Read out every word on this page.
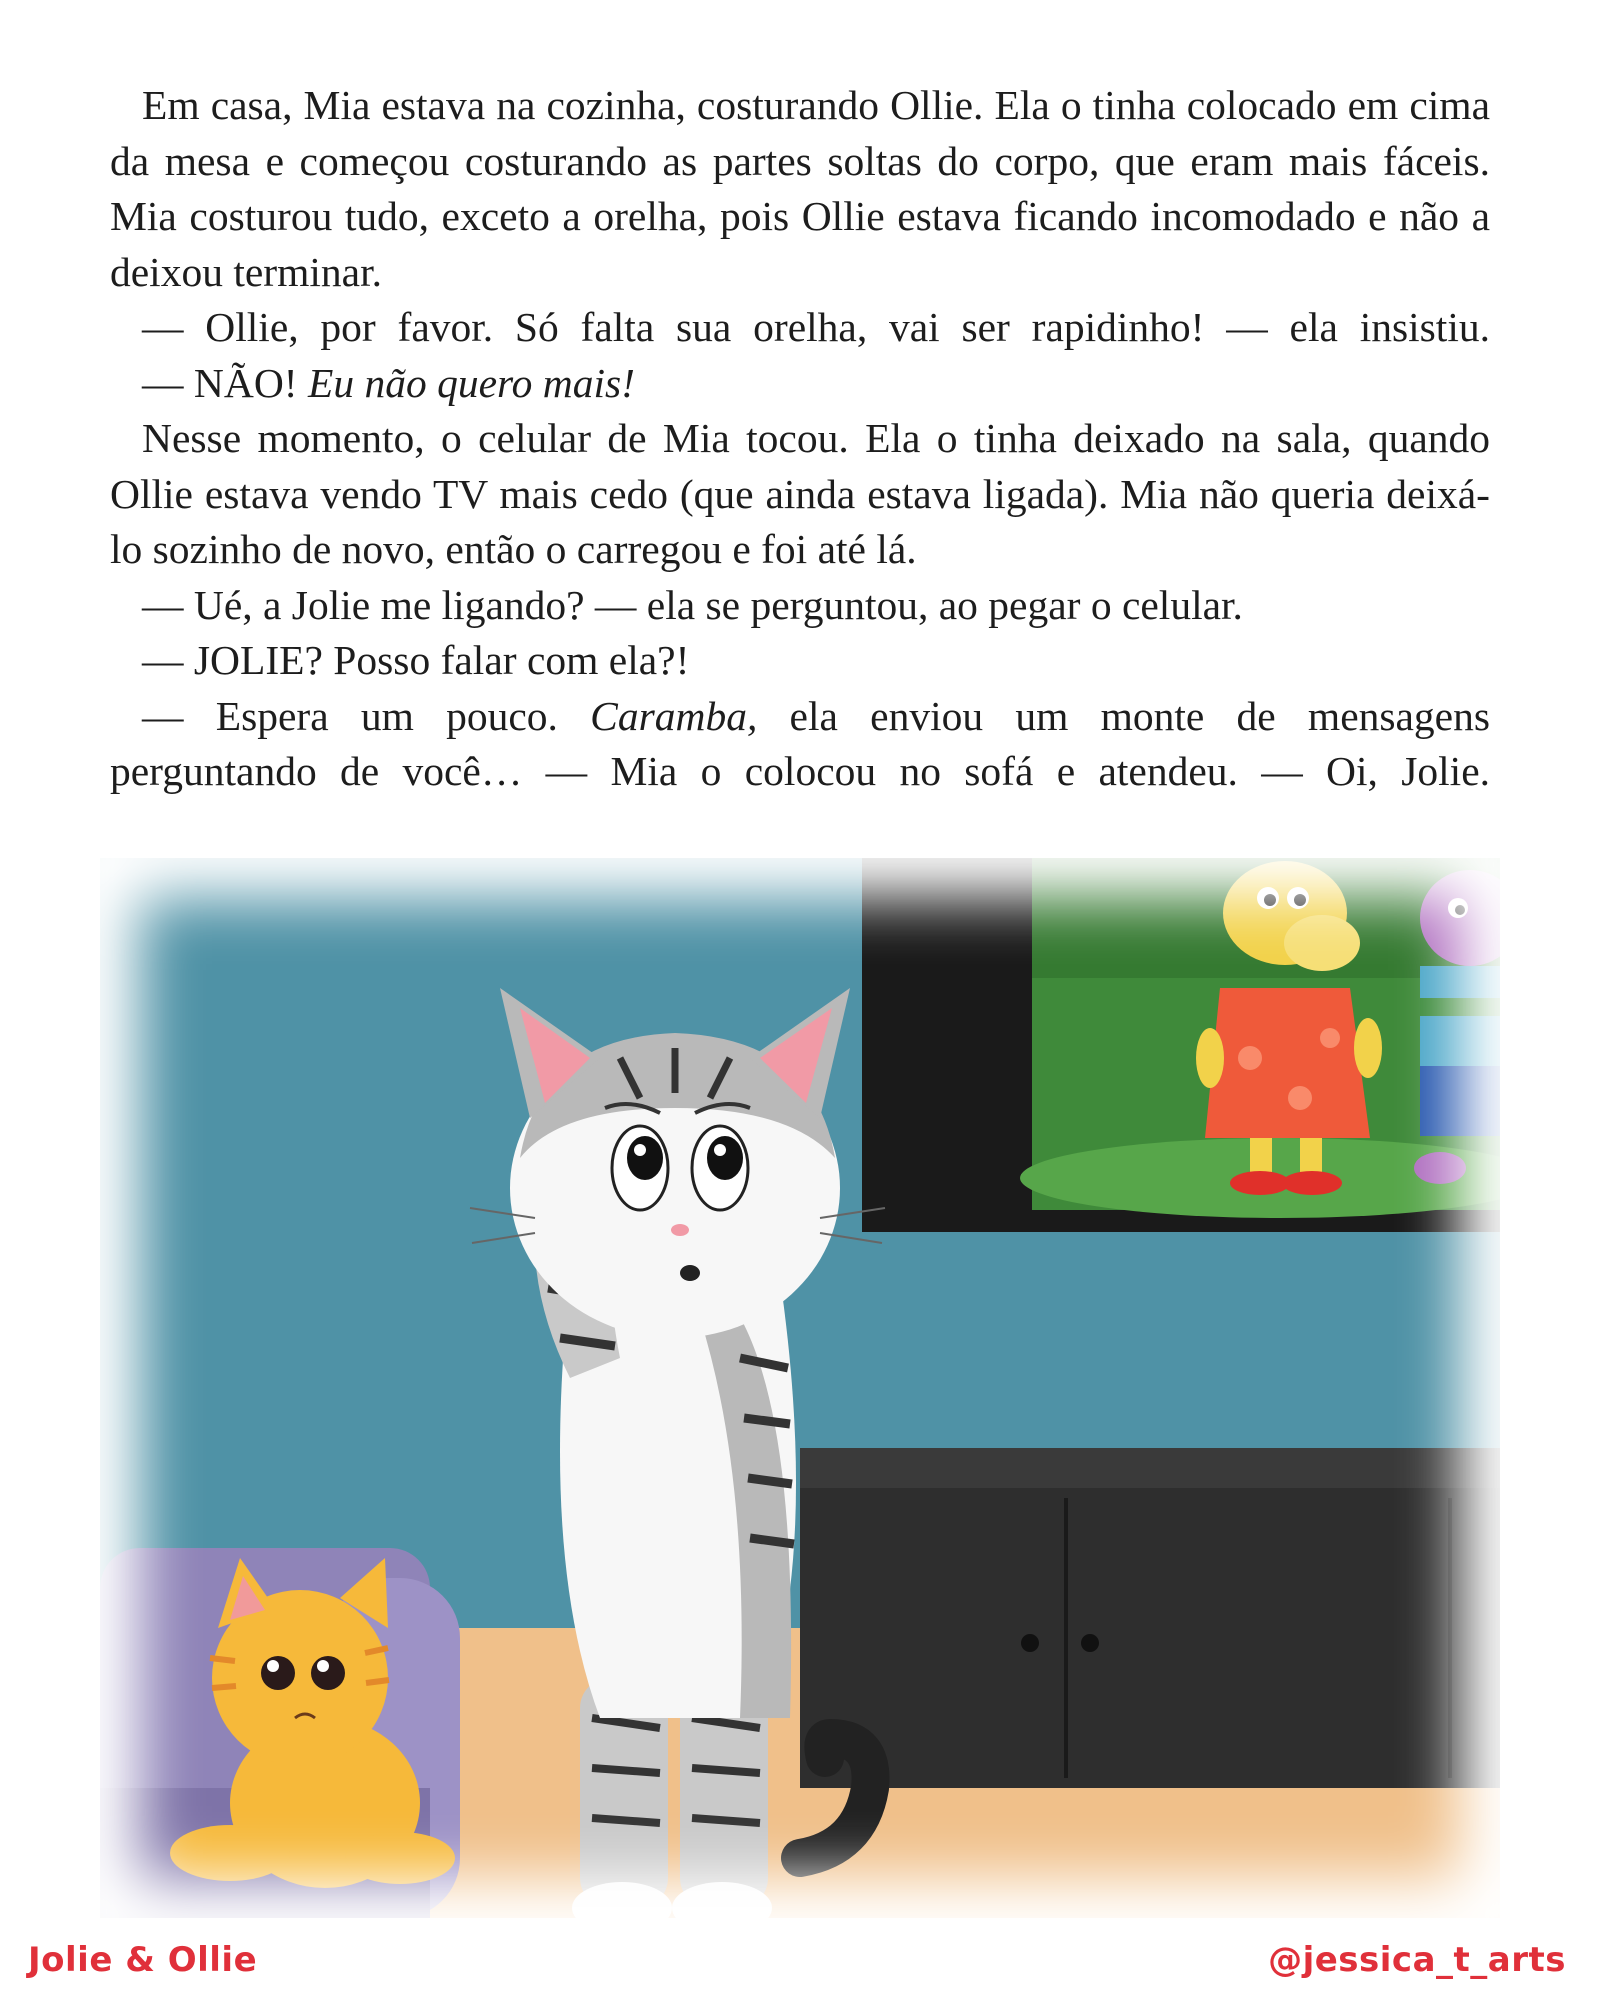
Em casa, Mia estava na cozinha, costurando Ollie. Ela o tinha colocado em cima da mesa e começou costurando as partes soltas do corpo, que eram mais fáceis. Mia costurou tudo, exceto a orelha, pois Ollie estava ficando incomodado e não a deixou terminar.

— Ollie, por favor. Só falta sua orelha, vai ser rapidinho! — ela insistiu.

— NÃO! Eu não quero mais!

Nesse momento, o celular de Mia tocou. Ela o tinha deixado na sala, quando Ollie estava vendo TV mais cedo (que ainda estava ligada). Mia não queria deixá-lo sozinho de novo, então o carregou e foi até lá.

— Ué, a Jolie me ligando? — ela se perguntou, ao pegar o celular.

— JOLIE? Posso falar com ela?!

— Espera um pouco. Caramba, ela enviou um monte de mensagens

perguntando de você… — Mia o colocou no sofá e atendeu. — Oi, Jolie.

Jolie & Ollie	@jessica_t_arts
